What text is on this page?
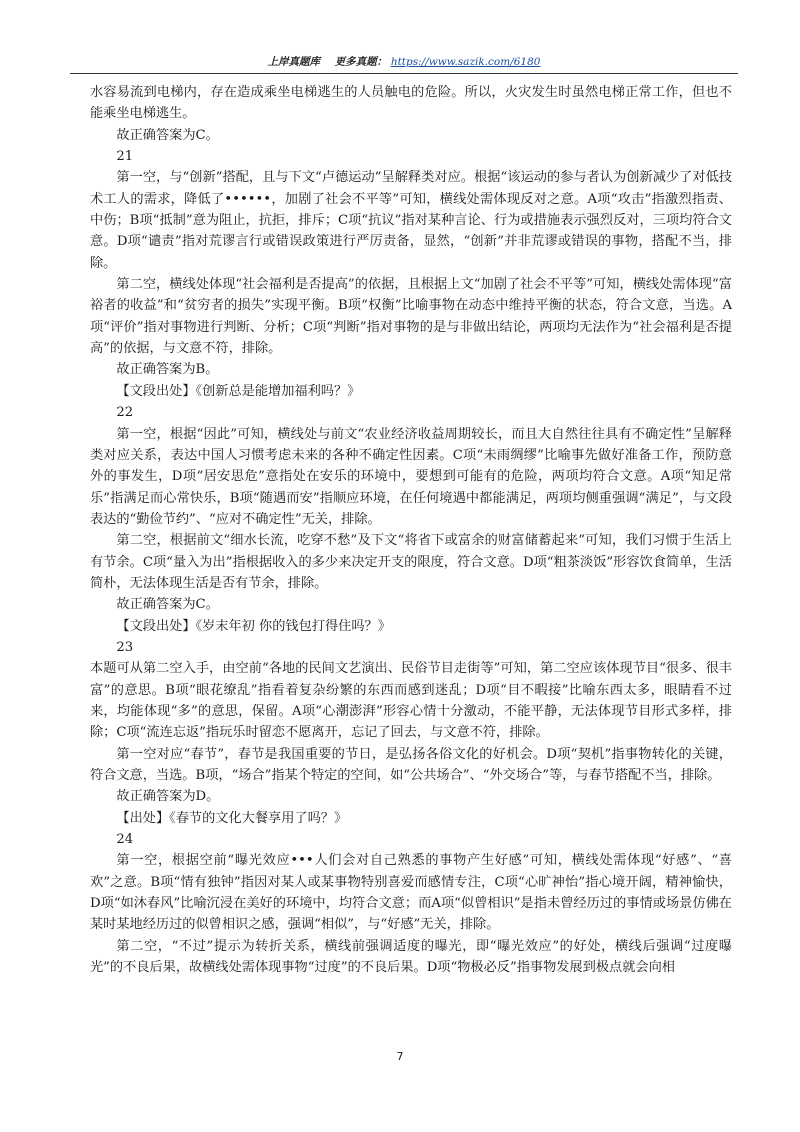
上岸真题库 更多真题： https://www.sazik.com/6180

水容易流到电梯内，存在造成乘坐电梯逃生的人员触电的危险。所以，火灾发生时虽然电梯正常工作，但也不能乘坐电梯逃生。

故正确答案为C。

21

第一空，与“创新”搭配，且与下文“卢德运动”呈解释类对应。根据“该运动的参与者认为创新减少了对低技术工人的需求，降低了••••••，加剧了社会不平等”可知，横线处需体现反对之意。A项“攻击”指激烈指责、中伤；B项“抵制”意为阻止，抗拒，排斥；C项“抗议”指对某种言论、行为或措施表示强烈反对，三项均符合文意。D项“谴责”指对荒谬言行或错误政策进行严厉责备，显然，“创新”并非荒谬或错误的事物，搭配不当，排除。

第二空，横线处体现“社会福利是否提高”的依据，且根据上文“加剧了社会不平等”可知，横线处需体现“富裕者的收益”和“贫穷者的损失”实现平衡。B项“权衡”比喻事物在动态中维持平衡的状态，符合文意，当选。A项“评价”指对事物进行判断、分析；C项“判断”指对事物的是与非做出结论，两项均无法作为“社会福利是否提高”的依据，与文意不符，排除。

故正确答案为B。

【文段出处】《创新总是能增加福利吗？》

22

第一空，根据“因此”可知，横线处与前文“农业经济收益周期较长，而且大自然往往具有不确定性”呈解释类对应关系，表达中国人习惯考虑未来的各种不确定性因素。C项“未雨绸缪”比喻事先做好准备工作，预防意外的事发生，D项“居安思危”意指处在安乐的环境中，要想到可能有的危险，两项均符合文意。A项“知足常乐”指满足而心常快乐，B项“随遇而安”指顺应环境，在任何境遇中都能满足，两项均侧重强调“满足”，与文段表达的“勤俭节约”、“应对不确定性”无关，排除。

第二空，根据前文“细水长流，吃穿不愁”及下文“将省下或富余的财富储蓄起来”可知，我们习惯于生活上有节余。C项“量入为出”指根据收入的多少来决定开支的限度，符合文意。D项“粗茶淡饭”形容饮食简单，生活简朴，无法体现生活是否有节余，排除。

故正确答案为C。

【文段出处】《岁末年初 你的钱包打得住吗？》

23

本题可从第二空入手，由空前“各地的民间文艺演出、民俗节目走街等”可知，第二空应该体现节目“很多、很丰富”的意思。B项“眼花缭乱”指看着复杂纷繁的东西而感到迷乱；D项“目不暇接”比喻东西太多，眼睛看不过来，均能体现“多”的意思，保留。A项“心潮澎湃”形容心情十分激动，不能平静，无法体现节目形式多样，排除；C项“流连忘返”指玩乐时留恋不愿离开，忘记了回去，与文意不符，排除。

第一空对应“春节”，春节是我国重要的节日，是弘扬各俗文化的好机会。D项“契机”指事物转化的关键，符合文意，当选。B项，“场合”指某个特定的空间，如“公共场合”、“外交场合”等，与春节搭配不当，排除。

故正确答案为D。

【出处】《春节的文化大餐享用了吗？》

24

第一空，根据空前“曝光效应•••人们会对自己熟悉的事物产生好感”可知，横线处需体现“好感”、“喜欢”之意。B项“情有独钟”指因对某人或某事物特别喜爱而感情专注，C项“心旷神怡”指心境开阔，精神愉快，D项“如沐春风”比喻沉浸在美好的环境中，均符合文意；而A项“似曾相识”是指未曾经历过的事情或场景仿佛在某时某地经历过的似曾相识之感，强调“相似”，与“好感”无关，排除。

第二空，“不过”提示为转折关系，横线前强调适度的曝光，即“曝光效应”的好处，横线后强调“过度曝光”的不良后果，故横线处需体现事物“过度”的不良后果。D项“物极必反”指事物发展到极点就会向相

7
